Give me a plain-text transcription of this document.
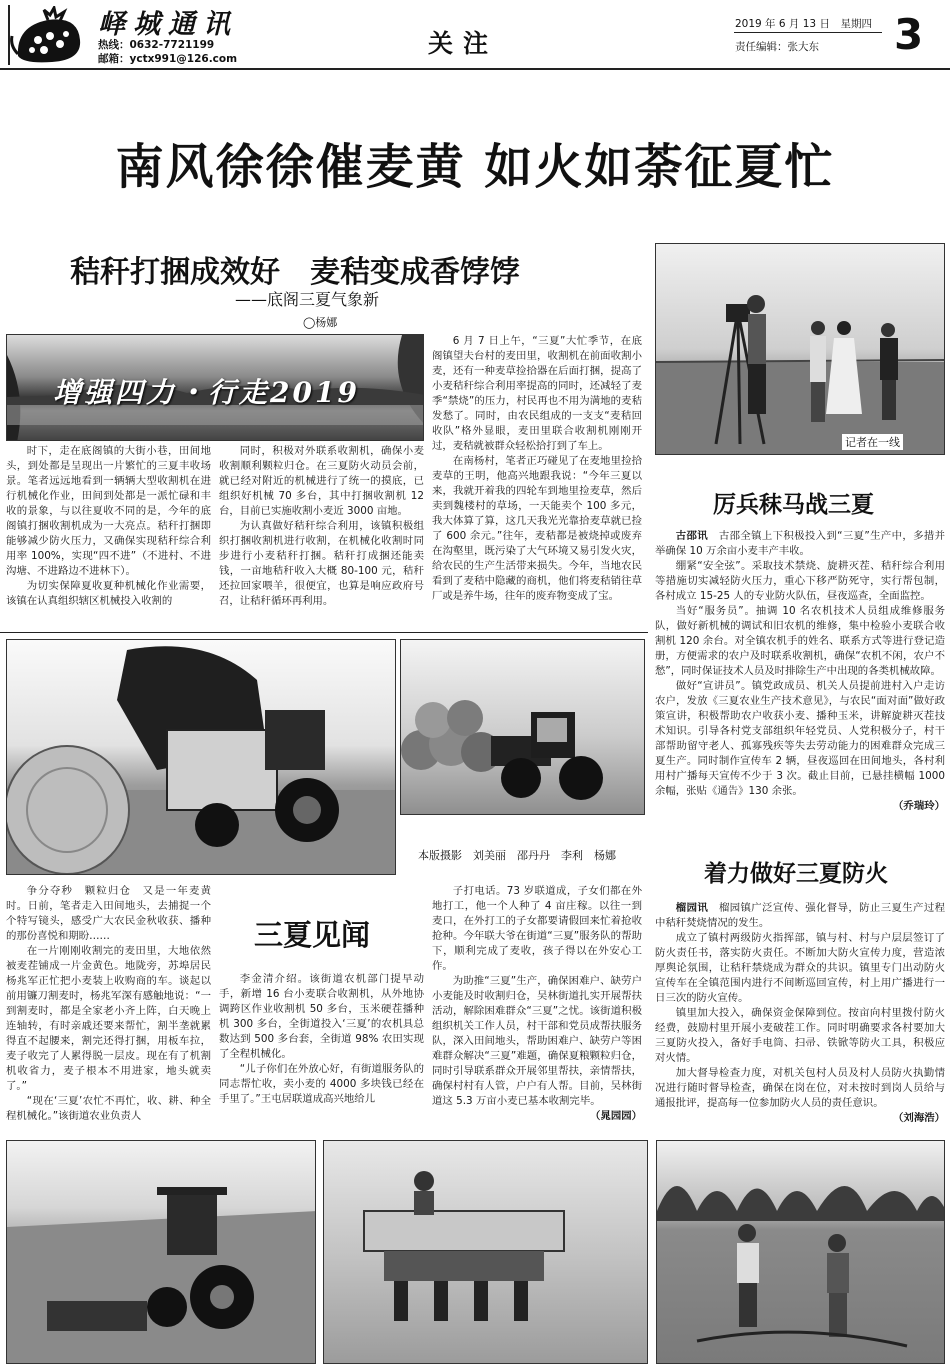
峄城通讯
热线：0632-7721199
邮箱：yctx991@126.com
关注
2019 年 6 月 13 日　星期四
责任编辑：张大东 3
南风徐徐催麦黄 如火如荼征夏忙
秸秆打捆成效好　麦秸变成香饽饽
——底阁三夏气象新
◯杨娜
增强四力・行走2019

时下，走在底阁镇的大街小巷，田间地头，到处都是呈现出一片繁忙的三夏丰收场景。笔者远远地看到一辆辆大型收割机在进行机械化作业，田间到处都是一派忙碌和丰收的景象，与以往夏收不同的是，今年的底阁镇打捆收割机成为一大亮点。秸秆打捆即能够减少防火压力，又确保实现秸秆综合利用率 100%，实现“四不进”（不进村、不进沟塘、不进路边不进林下）。

为切实保障夏收夏种机械化作业需要，该镇在认真组织辖区机械投入收割的

同时，积极对外联系收割机，确保小麦收割顺利颗粒归仓。在三夏防火动员会前，就已经对附近的机械进行了统一的摸底，已组织好机械 70 多台，其中打捆收割机 12 台，目前已实施收割小麦近 3000 亩地。

为认真做好秸秆综合利用，该镇积极组织打捆收割机进行收割，在机械化收割时同步进行小麦秸秆打捆。秸秆打成捆还能卖钱，一亩地秸秆收入大概 80-100 元，秸秆还拉回家喂羊，很便宜，也算是响应政府号召，让秸秆循环再利用。

6 月 7 日上午，“三夏”大忙季节，在底阁镇望夫台村的麦田里，收割机在前面收割小麦，还有一种麦草捡拾器在后面打捆，提高了小麦秸秆综合利用率提高的同时，还减轻了麦季“禁烧”的压力，村民再也不用为满地的麦秸发愁了。同时，由农民组成的一支支“麦秸回收队”格外显眼，麦田里联合收割机刚刚开过，麦秸就被群众轻松拾打到了车上。

在南杨村，笔者正巧碰见了在麦地里捡拾麦草的王明，他高兴地跟我说：“今年三夏以来，我就开着我的四轮车到地里捡麦草，然后卖到魏楼村的草场，一天能卖个 100 多元，我大体算了算，这几天我光光靠拾麦草就已捡了 600 余元。”往年，麦秸都是被烧掉或废弃在沟壑里，既污染了大气环境又易引发火灾，给农民的生产生活带来损失。今年，当地农民看到了麦秸中隐藏的商机，他们将麦秸销往草厂或是养牛场，往年的废弃物变成了宝。

记者在一线
厉兵秣马战三夏

古邵讯　 古邵全镇上下积极投入到“三夏”生产中，多措并举确保 10 万余亩小麦丰产丰收。

绷紧“安全弦”。采取技术禁烧、旋耕灭茬、秸秆综合利用等措施切实减轻防火压力，重心下移严防死守，实行帮包制，各村成立 15-25 人的专业防火队伍，昼夜巡查，全面监控。

当好“服务员”。抽调 10 名农机技术人员组成维修服务队，做好新机械的调试和旧农机的维修，集中检验小麦联合收割机 120 余台。对全镇农机手的姓名、联系方式等进行登记造册，方便需求的农户及时联系收割机，确保“农机不闲，农户不愁”，同时保证技术人员及时排除生产中出现的各类机械故障。

做好“宣讲员”。镇党政成员、机关人员提前进村入户走访农户，发放《三夏农业生产技术意见》，与农民“面对面”做好政策宣讲，积极帮助农户收获小麦、播种玉米，讲解旋耕灭茬技术知识。引导各村党支部组织年轻党员、人党积极分子，村干部帮助留守老人、孤寡残疾等失去劳动能力的困难群众完成三夏生产。同时制作宣传车 2 辆，昼夜巡回在田间地头，各村利用村广播每天宣传不少于 3 次。截止目前，已悬挂横幅 1000 余幅，张贴《通告》130 余张。

（乔瑞玲）
本版摄影　刘美丽　邵丹丹　李利　杨娜
着力做好三夏防火

榴园讯　 榴园镇广泛宣传、强化督导，防止三夏生产过程中秸秆焚烧情况的发生。

成立了镇村两级防火指挥部，镇与村、村与户层层签订了防火责任书，落实防火责任。不断加大防火宣传力度，营造浓厚舆论氛围，让秸秆禁烧成为群众的共识。镇里专门出动防火宣传车在全镇范围内进行不间断巡回宣传，村上用广播进行一日三次的防火宣传。

镇里加大投入，确保资金保障到位。按亩向村里拨付防火经费，鼓励村里开展小麦破茬工作。同时明确要求各村要加大三夏防火投入，备好手电筒、扫帚、铁锨等防火工具，积极应对火情。

加大督导检查力度，对机关包村人员及村人员防火执勤情况进行随时督导检查，确保在岗在位，对未按时到岗人员给与通报批评，提高每一位参加防火人员的责任意识。

（刘海浩）
三夏见闻

争分夺秒　颗粒归仓　又是一年麦黄时。日前，笔者走入田间地头，去捕捉一个个特写镜头，感受广大农民金秋收获、播种的那份喜悦和期盼……

在一片刚刚收割完的麦田里，大地依然被麦茬铺成一片金黄色。地陇旁，苏埠居民杨兆军正忙把小麦装上收购商的车。谈起以前用镰刀割麦时，杨兆军深有感触地说：“一到割麦时，都是全家老小齐上阵，白天晚上连轴转，有时亲戚还要来帮忙，割半垄就累得直不起腰来，割完还得打捆，用板车拉，麦子收完了人累得脱一层皮。现在有了机割机收省力，麦子根本不用进家，地头就卖了。”

“现在‘三夏’农忙不再忙，收、耕、种全程机械化。”该街道农业负责人

李金清介绍。该街道农机部门提早动手，新增 16 台小麦联合收割机，从外地协调跨区作业收割机 50 多台，玉米硬茬播种机 300 多台，全街道投入‘三夏’的农机具总数达到 500 多台套，全街道 98% 农田实现了全程机械化。

“儿子你们在外放心好，有街道服务队的同志帮忙收，卖小麦的 4000 多块钱已经在手里了。”王屯居联道成高兴地给儿

子打电话。73 岁联道成，子女们都在外地打工，他一个人种了 4 亩庄稼。以往一到麦口，在外打工的子女都要请假回来忙着抢收抢种。今年联大爷在街道“三夏”服务队的帮助下，顺利完成了麦收，孩子得以在外安心工作。

为助推“三夏”生产，确保困难户、缺劳户小麦能及时收割归仓，吴林街道扎实开展帮扶活动，解除困难群众“三夏”之忧。该街道积极组织机关工作人员，村干部和党员成帮扶服务队，深入田间地头，帮助困难户、缺劳户等困难群众解决“三夏”难题，确保夏粮颗粒归仓，同时引导联系群众开展邻里帮扶，亲情帮扶，确保村村有人管，户户有人帮。目前，吴林街道这 5.3 万亩小麦已基本收割完毕。

（晁园园）
